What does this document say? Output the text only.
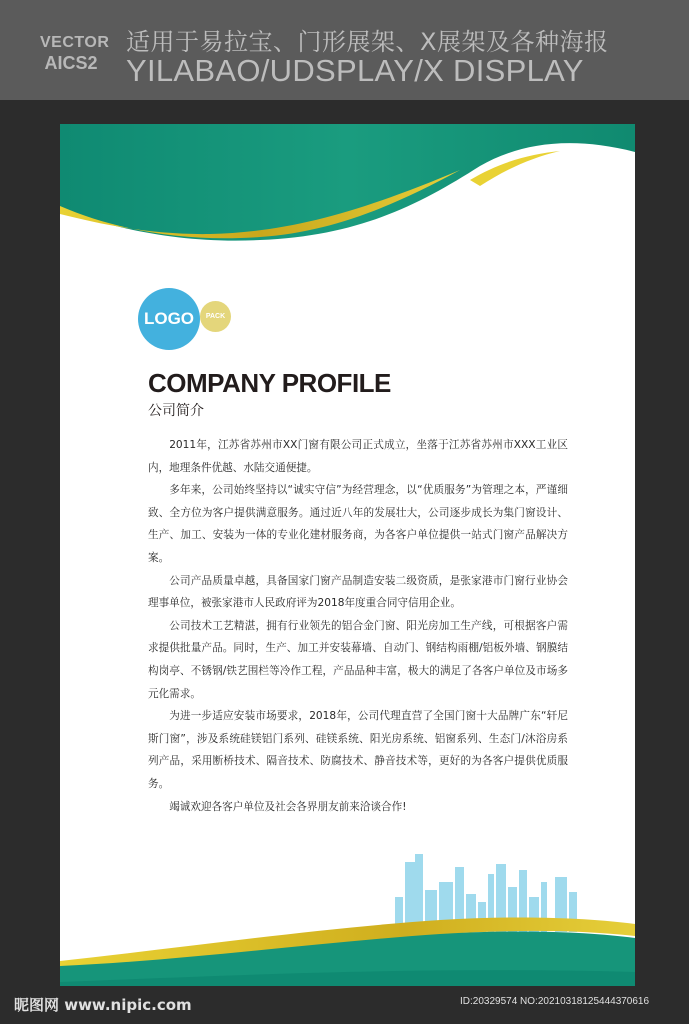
VECTOR
AICS2
适用于易拉宝、门形展架、X展架及各种海报
YILABAO/UDSPLAY/X DISPLAY
LOGO	PACK
COMPANY PROFILE
公司简介

2011年，江苏省苏州市XX门窗有限公司正式成立，坐落于江苏省苏州市XXX工业区内，地理条件优越、水陆交通便捷。

多年来，公司始终坚持以“诚实守信”为经营理念，以“优质服务”为管理之本，严谨细致、全方位为客户提供满意服务。通过近八年的发展壮大，公司逐步成长为集门窗设计、生产、加工、安装为一体的专业化建材服务商，为各客户单位提供一站式门窗产品解决方案。

公司产品质量卓越，具备国家门窗产品制造安装二级资质，是张家港市门窗行业协会理事单位，被张家港市人民政府评为2018年度重合同守信用企业。

公司技术工艺精湛，拥有行业领先的铝合金门窗、阳光房加工生产线，可根据客户需求提供批量产品。同时，生产、加工并安装幕墙、自动门、钢结构雨棚/铝板外墙、钢膜结构岗亭、不锈钢/铁艺围栏等冷作工程，产品品种丰富，极大的满足了各客户单位及市场多元化需求。

为进一步适应安装市场要求，2018年，公司代理直营了全国门窗十大品牌广东“轩尼斯门窗”，涉及系统硅镁铝门系列、硅镁系统、阳光房系统、铝窗系列、生态门/沐浴房系列产品，采用断桥技术、隔音技术、防腐技术、静音技术等，更好的为各客户提供优质服务。

竭诚欢迎各客户单位及社会各界朋友前来洽谈合作!

昵图网 www.nipic.com	ID:20329574 NO:20210318125444370616
